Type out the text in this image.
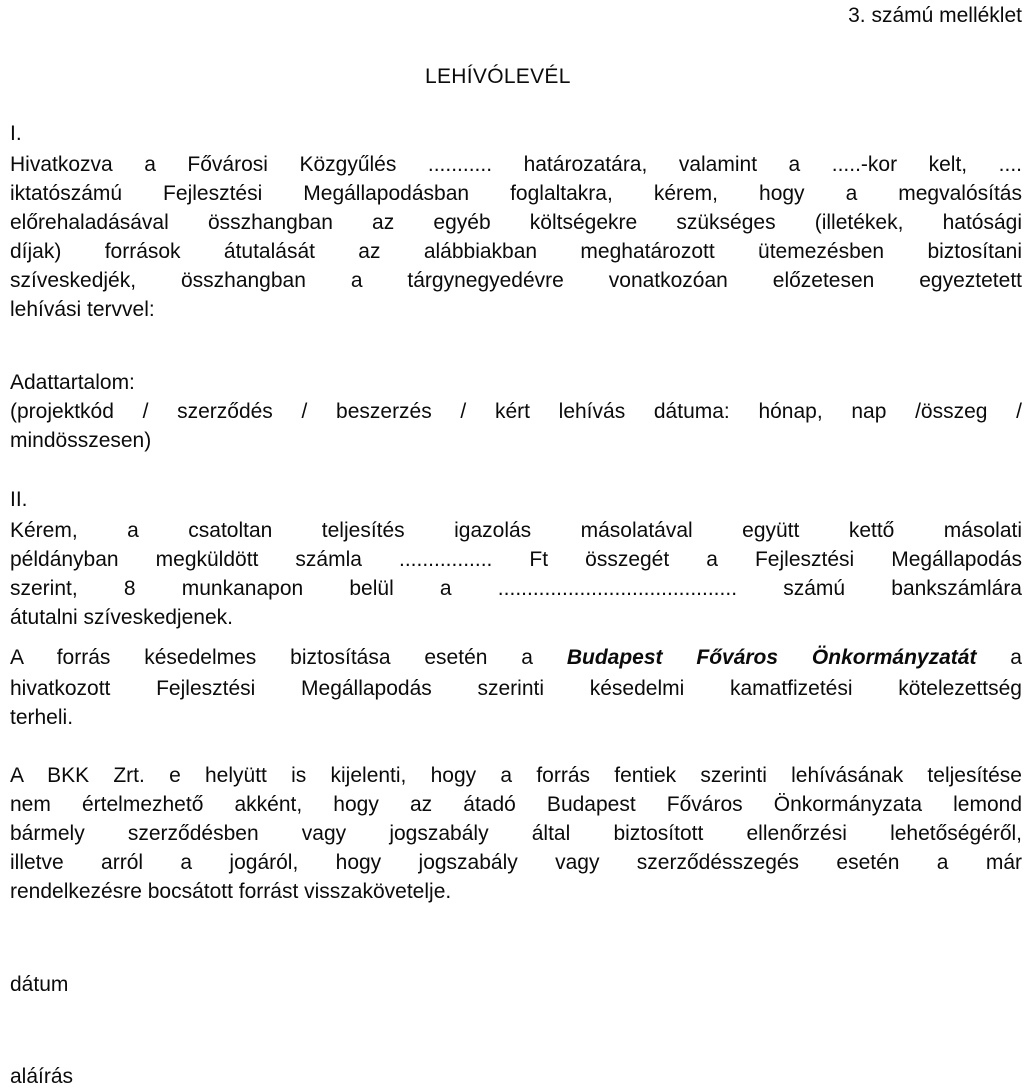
3. számú melléklet
LEHÍVÓLEVÉL
I.
Hivatkozva a Fővárosi Közgyűlés ........... határozatára, valamint a .....-kor kelt, ....
iktatószámú Fejlesztési Megállapodásban foglaltakra, kérem, hogy a megvalósítás
előrehaladásával összhangban az egyéb költségekre szükséges (illetékek, hatósági
díjak) források átutalását az alábbiakban meghatározott ütemezésben biztosítani
szíveskedjék, összhangban a tárgynegyedévre vonatkozóan előzetesen egyeztetett
lehívási tervvel:
Adattartalom:
(projektkód / szerződés / beszerzés / kért lehívás dátuma: hónap, nap /összeg /
mindösszesen)
II.
Kérem, a csatoltan teljesítés igazolás másolatával együtt kettő másolati
példányban megküldött számla ................ Ft összegét a Fejlesztési Megállapodás
szerint, 8 munkanapon belül a ......................................... számú bankszámlára
átutalni szíveskedjenek.
A forrás késedelmes biztosítása esetén a Budapest Főváros Önkormányzatát a
hivatkozott Fejlesztési Megállapodás szerinti késedelmi kamatfizetési kötelezettség
terheli.
A BKK Zrt. e helyütt is kijelenti, hogy a forrás fentiek szerinti lehívásának teljesítése
nem értelmezhető akként, hogy az átadó Budapest Főváros Önkormányzata lemond
bármely szerződésben vagy jogszabály által biztosított ellenőrzési lehetőségéről,
illetve arról a jogáról, hogy jogszabály vagy szerződésszegés esetén a már
rendelkezésre bocsátott forrást visszakövetelje.
dátum
aláírás
